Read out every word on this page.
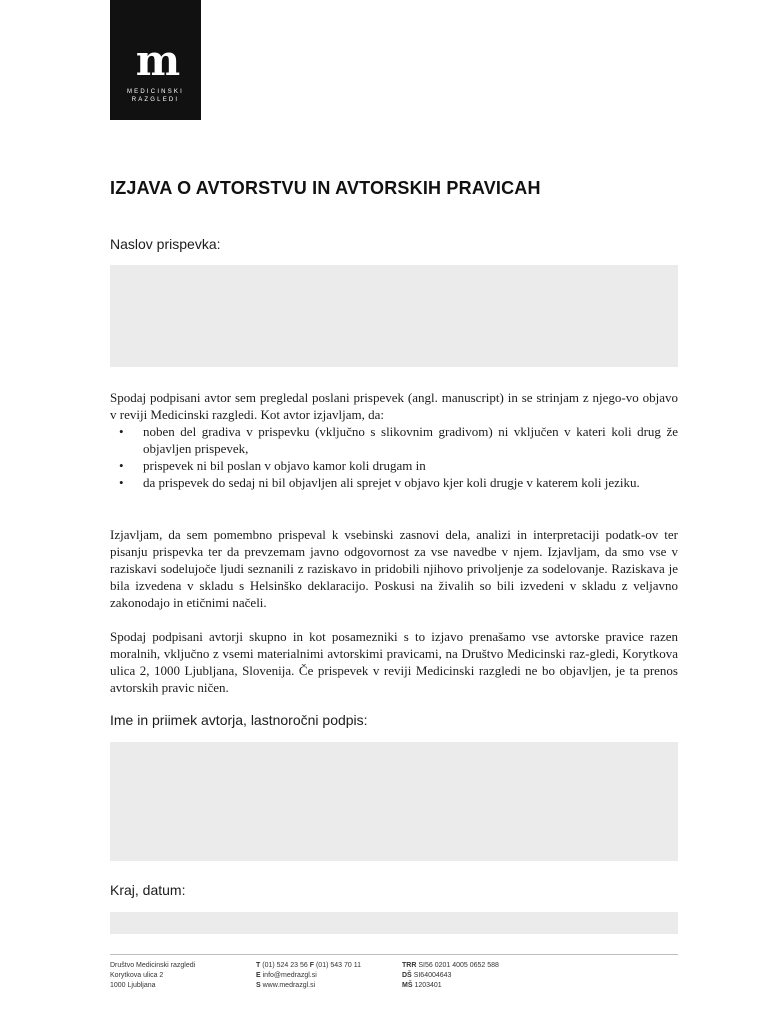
m
MEDICINSKI
RAZGLEDI
IZJAVA O AVTORSTVU IN AVTORSKIH PRAVICAH
Naslov prispevka:

Spodaj podpisani avtor sem pregledal poslani prispevek (angl. manuscript) in se strinjam z njego-vo objavo v reviji Medicinski razgledi. Kot avtor izjavljam, da:

• noben del gradiva v prispevku (vključno s slikovnim gradivom) ni vključen v kateri koli drug že objavljen prispevek,
• prispevek ni bil poslan v objavo kamor koli drugam in
• da prispevek do sedaj ni bil objavljen ali sprejet v objavo kjer koli drugje v katerem koli jeziku.

Izjavljam, da sem pomembno prispeval k vsebinski zasnovi dela, analizi in interpretaciji podatk-ov ter pisanju prispevka ter da prevzemam javno odgovornost za vse navedbe v njem. Izjavljam, da smo vse v raziskavi sodelujoče ljudi seznanili z raziskavo in pridobili njihovo privoljenje za sodelovanje. Raziskava je bila izvedena v skladu s Helsinško deklaracijo. Poskusi na živalih so bili izvedeni v skladu z veljavno zakonodajo in etičnimi načeli.

Spodaj podpisani avtorji skupno in kot posamezniki s to izjavo prenašamo vse avtorske pravice razen moralnih, vključno z vsemi materialnimi avtorskimi pravicami, na Društvo Medicinski raz-gledi, Korytkova ulica 2, 1000 Ljubljana, Slovenija. Če prispevek v reviji Medicinski razgledi ne bo objavljen, je ta prenos avtorskih pravic ničen.

Ime in priimek avtorja, lastnoročni podpis:
Kraj, datum:
Društvo Medicinski razgledi
Korytkova ulica 2
1000 Ljubljana
T (01) 524 23 56 F (01) 543 70 11
E info@medrazgl.si
S www.medrazgl.si
TRR SI56 0201 4005 0652 588
DŠ SI64004643
MŠ 1203401
